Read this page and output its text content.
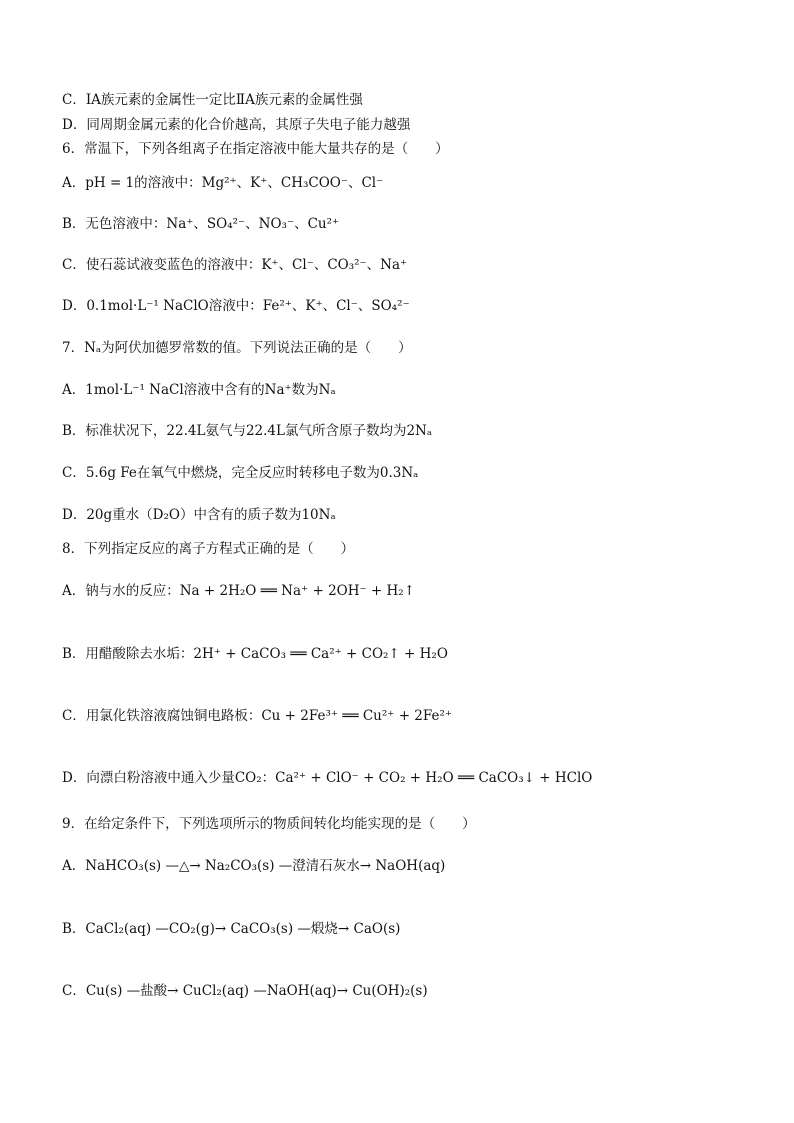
C．ⅠA族元素的金属性一定比ⅡA族元素的金属性强
D．同周期金属元素的化合价越高，其原子失电子能力越强
6．常温下，下列各组离子在指定溶液中能大量共存的是（　　）
A．pH = 1的溶液中：Mg²⁺、K⁺、CH₃COO⁻、Cl⁻
B．无色溶液中：Na⁺、SO₄²⁻、NO₃⁻、Cu²⁺
C．使石蕊试液变蓝色的溶液中：K⁺、Cl⁻、CO₃²⁻、Na⁺
D．0.1mol·L⁻¹ NaClO溶液中：Fe²⁺、K⁺、Cl⁻、SO₄²⁻
7．Nₐ为阿伏加德罗常数的值。下列说法正确的是（　　）
A．1mol·L⁻¹ NaCl溶液中含有的Na⁺数为Nₐ
B．标准状况下，22.4L氨气与22.4L氯气所含原子数均为2Nₐ
C．5.6g Fe在氧气中燃烧，完全反应时转移电子数为0.3Nₐ
D．20g重水（D₂O）中含有的质子数为10Nₐ
8．下列指定反应的离子方程式正确的是（　　）
A．钠与水的反应：Na + 2H₂O ══ Na⁺ + 2OH⁻ + H₂↑
B．用醋酸除去水垢：2H⁺ + CaCO₃ ══ Ca²⁺ + CO₂↑ + H₂O
C．用氯化铁溶液腐蚀铜电路板：Cu + 2Fe³⁺ ══ Cu²⁺ + 2Fe²⁺
D．向漂白粉溶液中通入少量CO₂：Ca²⁺ + ClO⁻ + CO₂ + H₂O ══ CaCO₃↓ + HClO
9．在给定条件下，下列选项所示的物质间转化均能实现的是（　　）
A．NaHCO₃(s) —△→ Na₂CO₃(s) —澄清石灰水→ NaOH(aq)
B．CaCl₂(aq) —CO₂(g)→ CaCO₃(s) —煅烧→ CaO(s)
C．Cu(s) —盐酸→ CuCl₂(aq) —NaOH(aq)→ Cu(OH)₂(s)
